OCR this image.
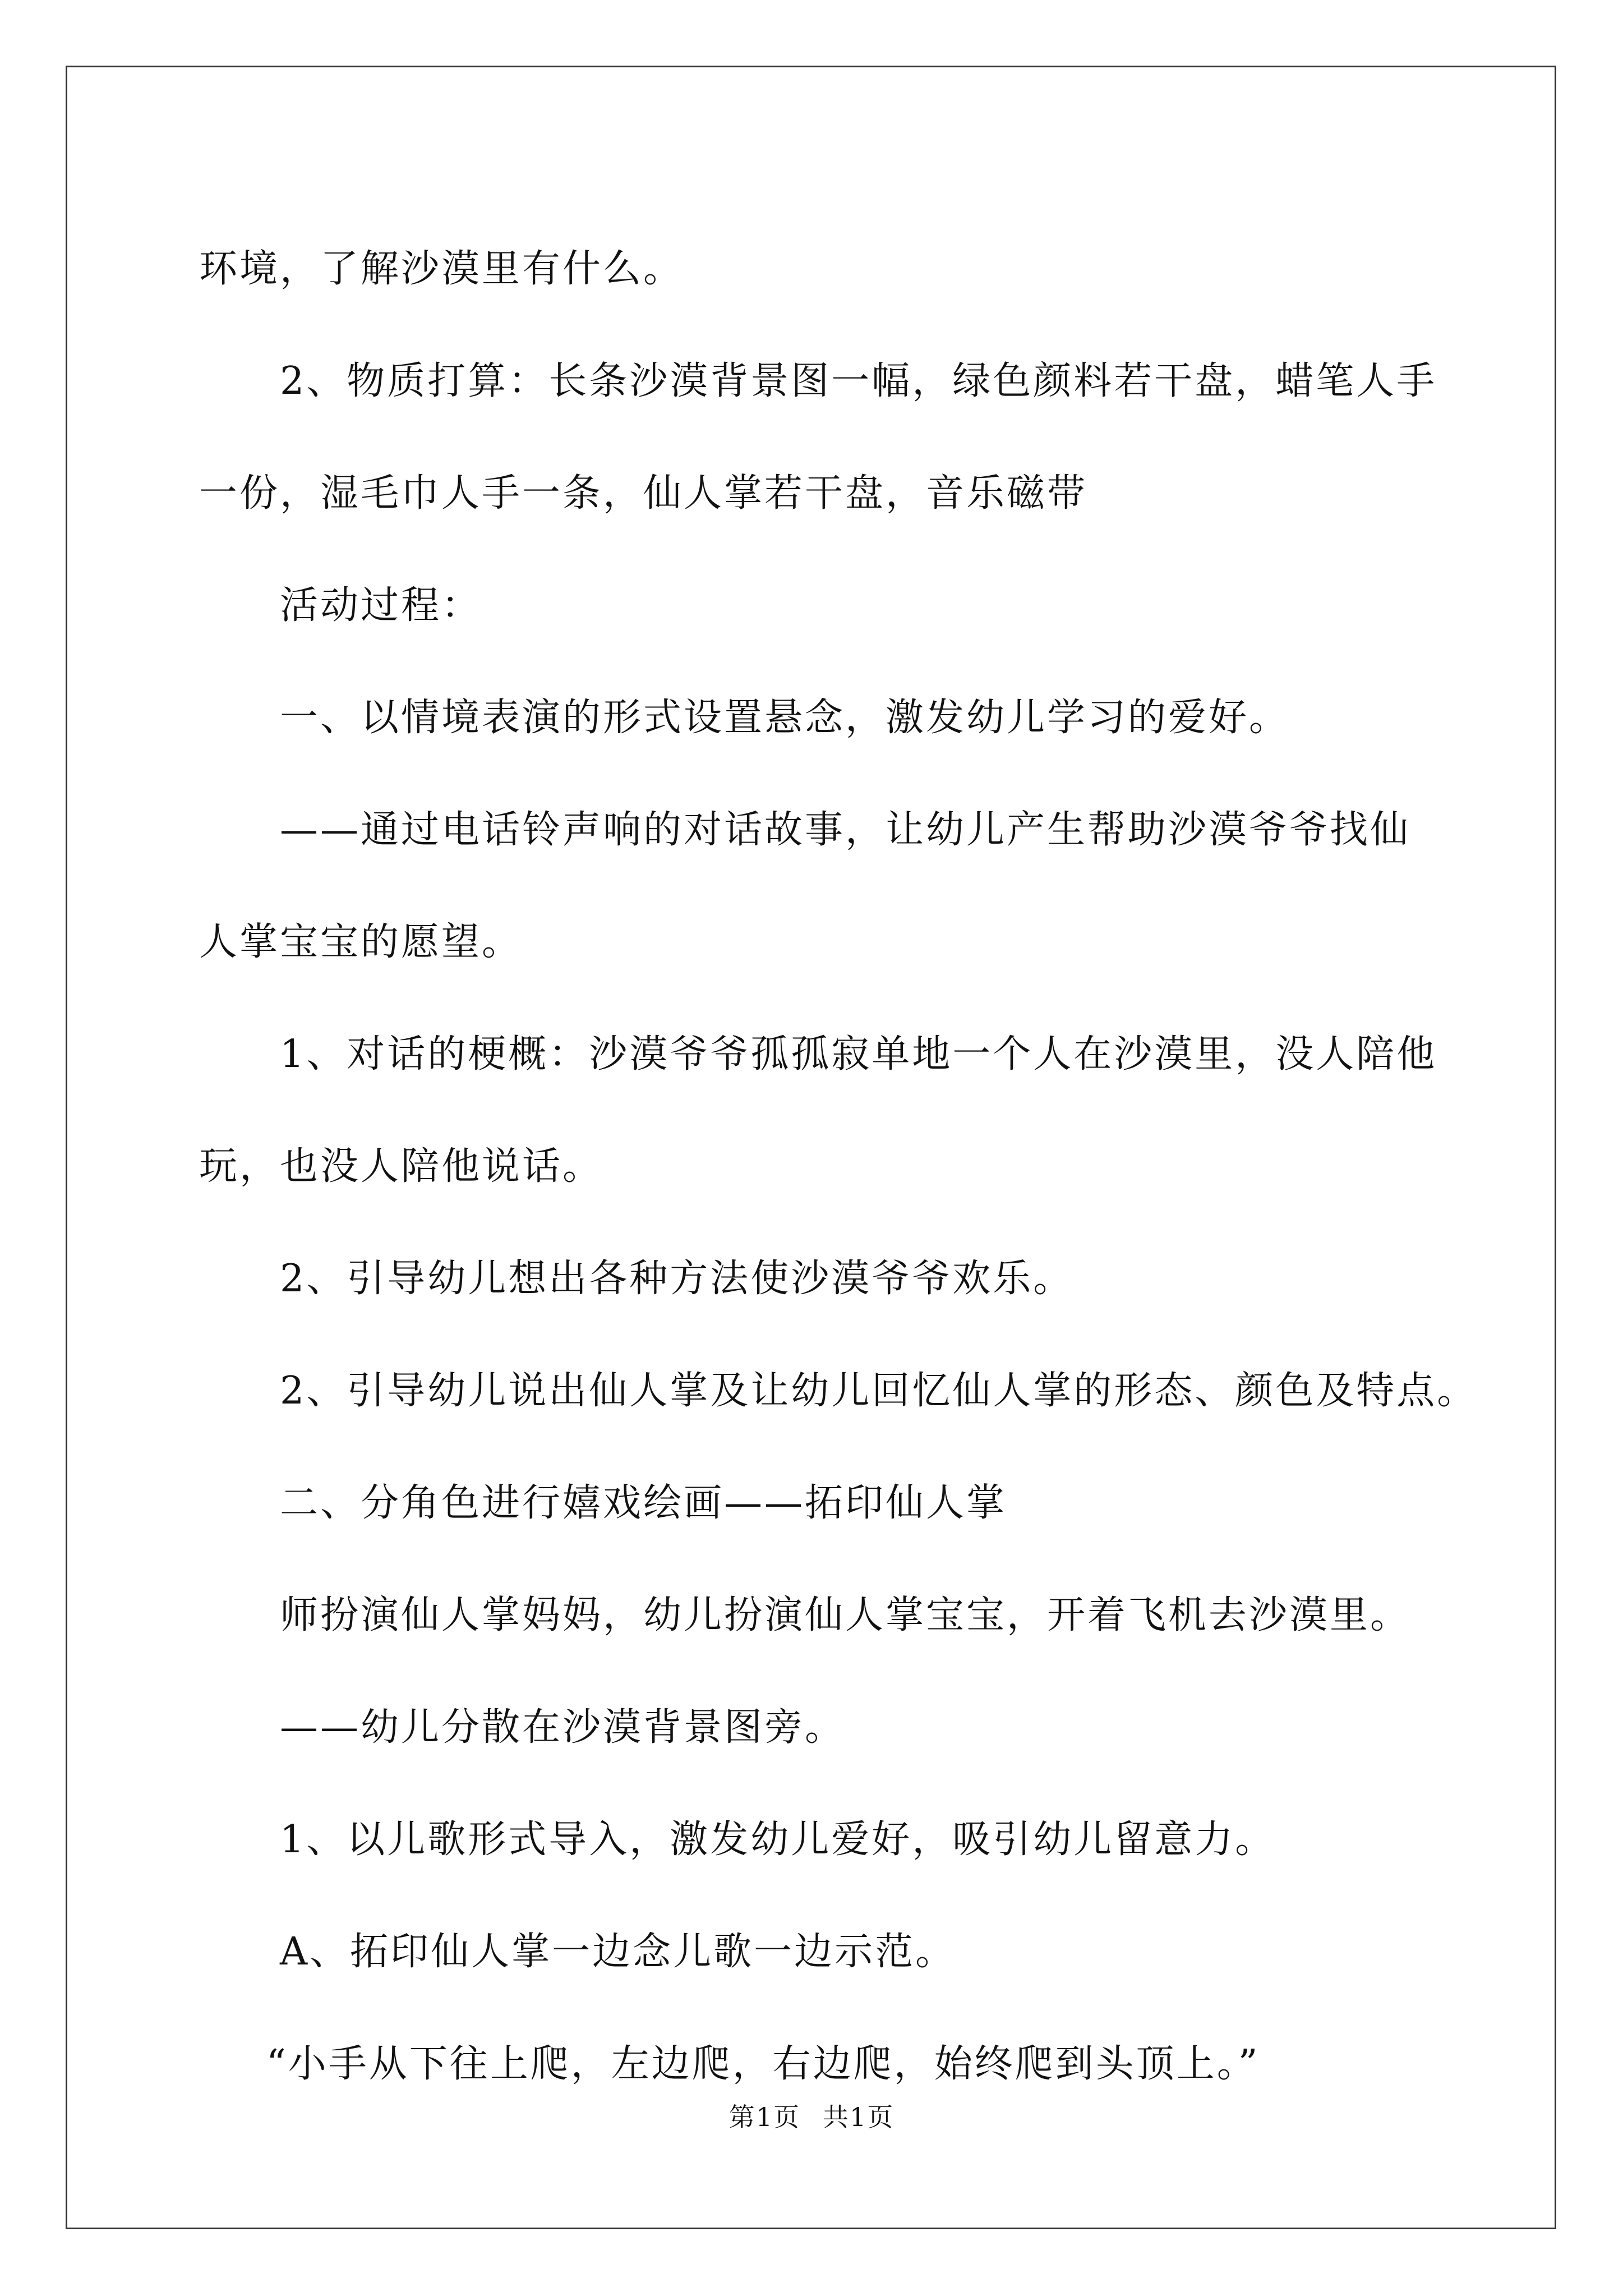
环境，了解沙漠里有什么。

2、物质打算：长条沙漠背景图一幅，绿色颜料若干盘，蜡笔人手

一份，湿毛巾人手一条，仙人掌若干盘，音乐磁带

活动过程：

一、以情境表演的形式设置悬念，激发幼儿学习的爱好。

——通过电话铃声响的对话故事，让幼儿产生帮助沙漠爷爷找仙

人掌宝宝的愿望。

1、对话的梗概：沙漠爷爷孤孤寂单地一个人在沙漠里，没人陪他

玩，也没人陪他说话。

2、引导幼儿想出各种方法使沙漠爷爷欢乐。

2、引导幼儿说出仙人掌及让幼儿回忆仙人掌的形态、颜色及特点。

二、分角色进行嬉戏绘画——拓印仙人掌

师扮演仙人掌妈妈，幼儿扮演仙人掌宝宝，开着飞机去沙漠里。

——幼儿分散在沙漠背景图旁。

1、以儿歌形式导入，激发幼儿爱好，吸引幼儿留意力。

A、拓印仙人掌一边念儿歌一边示范。

“小手从下往上爬，左边爬，右边爬，始终爬到头顶上。”

第1页 共1页
